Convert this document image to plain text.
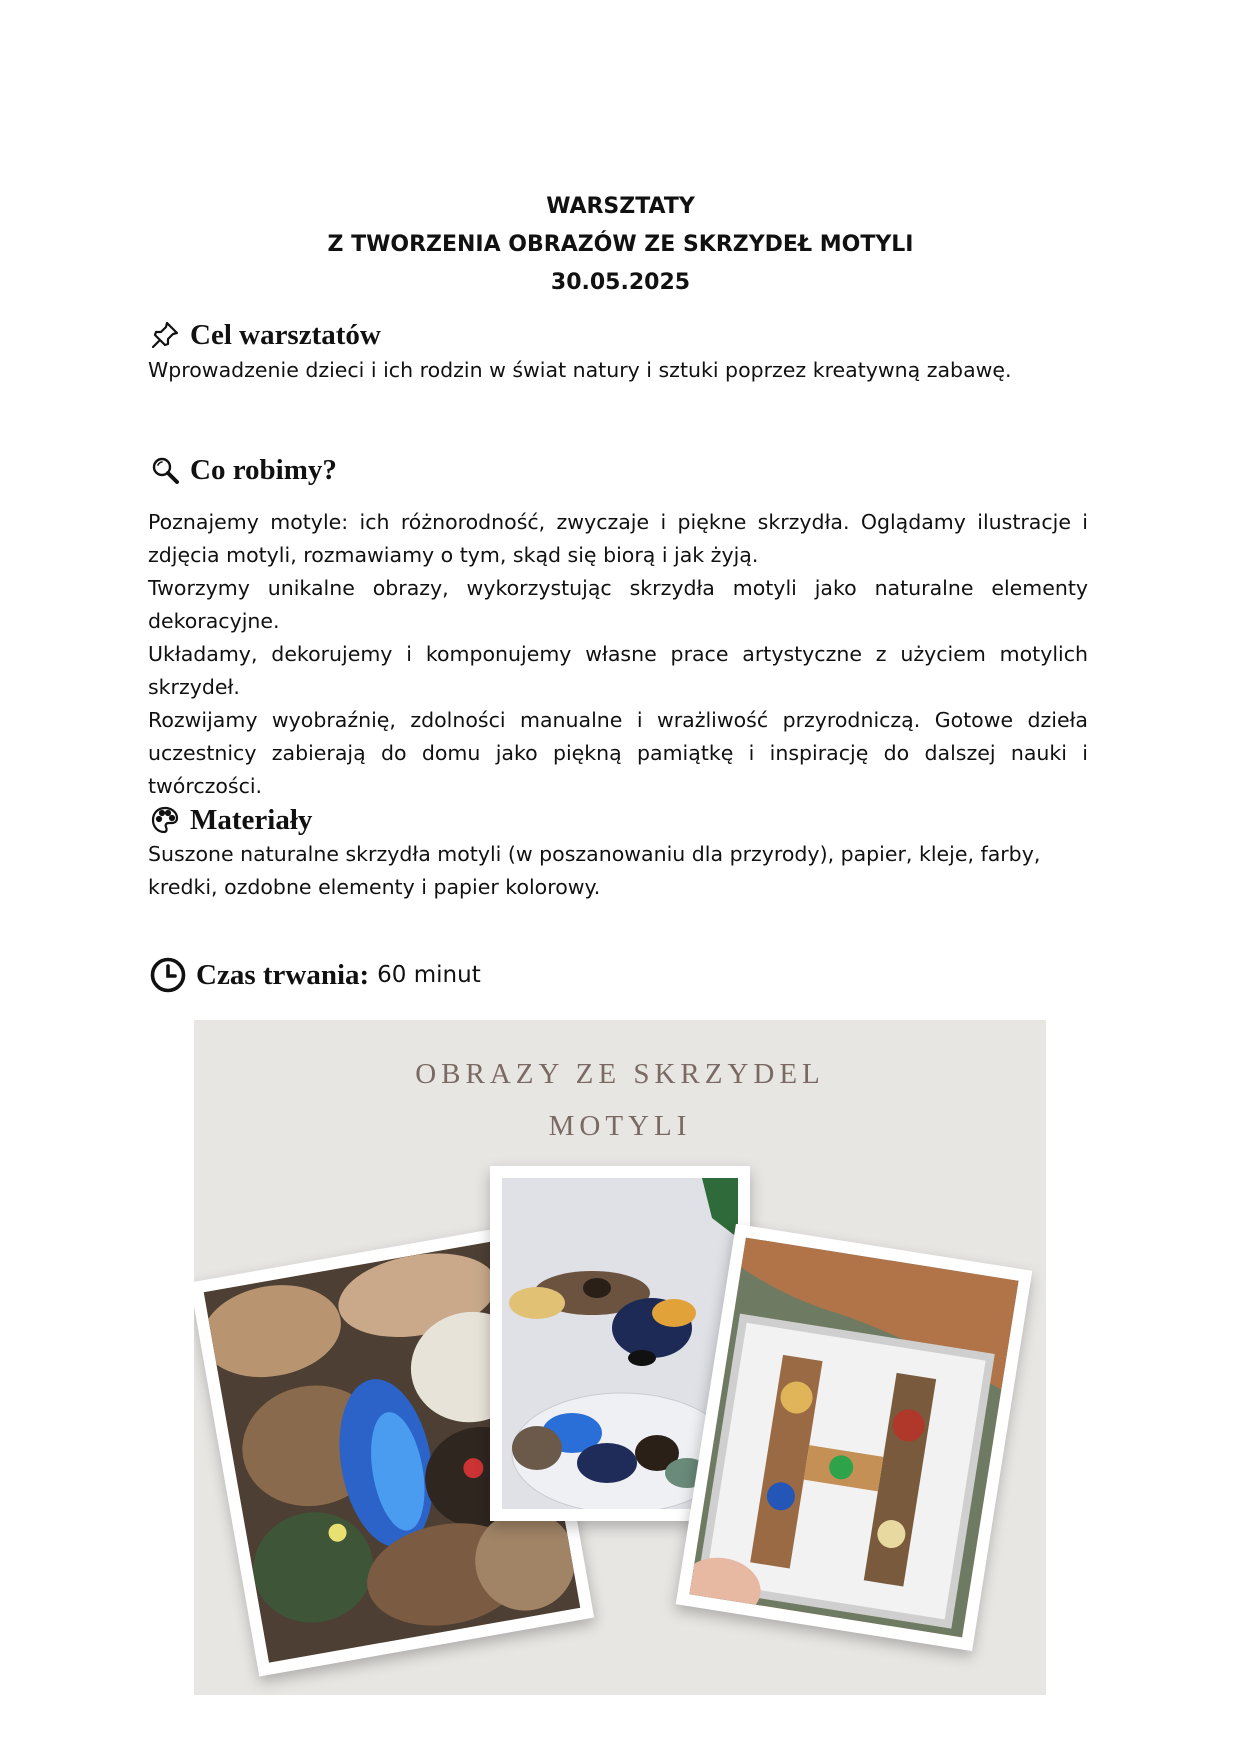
WARSZTATY
Z TWORZENIA OBRAZÓW ZE SKRZYDEŁ MOTYLI
30.05.2025
Cel warsztatów

Wprowadzenie dzieci i ich rodzin w świat natury i sztuki poprzez kreatywną zabawę.

Co robimy?

Poznajemy motyle: ich różnorodność, zwyczaje i piękne skrzydła. Oglądamy ilustracje i zdjęcia motyli, rozmawiamy o tym, skąd się biorą i jak żyją.

Tworzymy unikalne obrazy, wykorzystując skrzydła motyli jako naturalne elementy dekoracyjne.

Układamy, dekorujemy i komponujemy własne prace artystyczne z użyciem motylich skrzydeł.

Rozwijamy wyobraźnię, zdolności manualne i wrażliwość przyrodniczą. Gotowe dzieła uczestnicy zabierają do domu jako piękną pamiątkę i inspirację do dalszej nauki i twórczości.

Materiały

Suszone naturalne skrzydła motyli (w poszanowaniu dla przyrody), papier, kleje, farby, kredki, ozdobne elementy i papier kolorowy.

Czas trwania: 60 minut
OBRAZY ZE SKRZYDEL
MOTYLI
